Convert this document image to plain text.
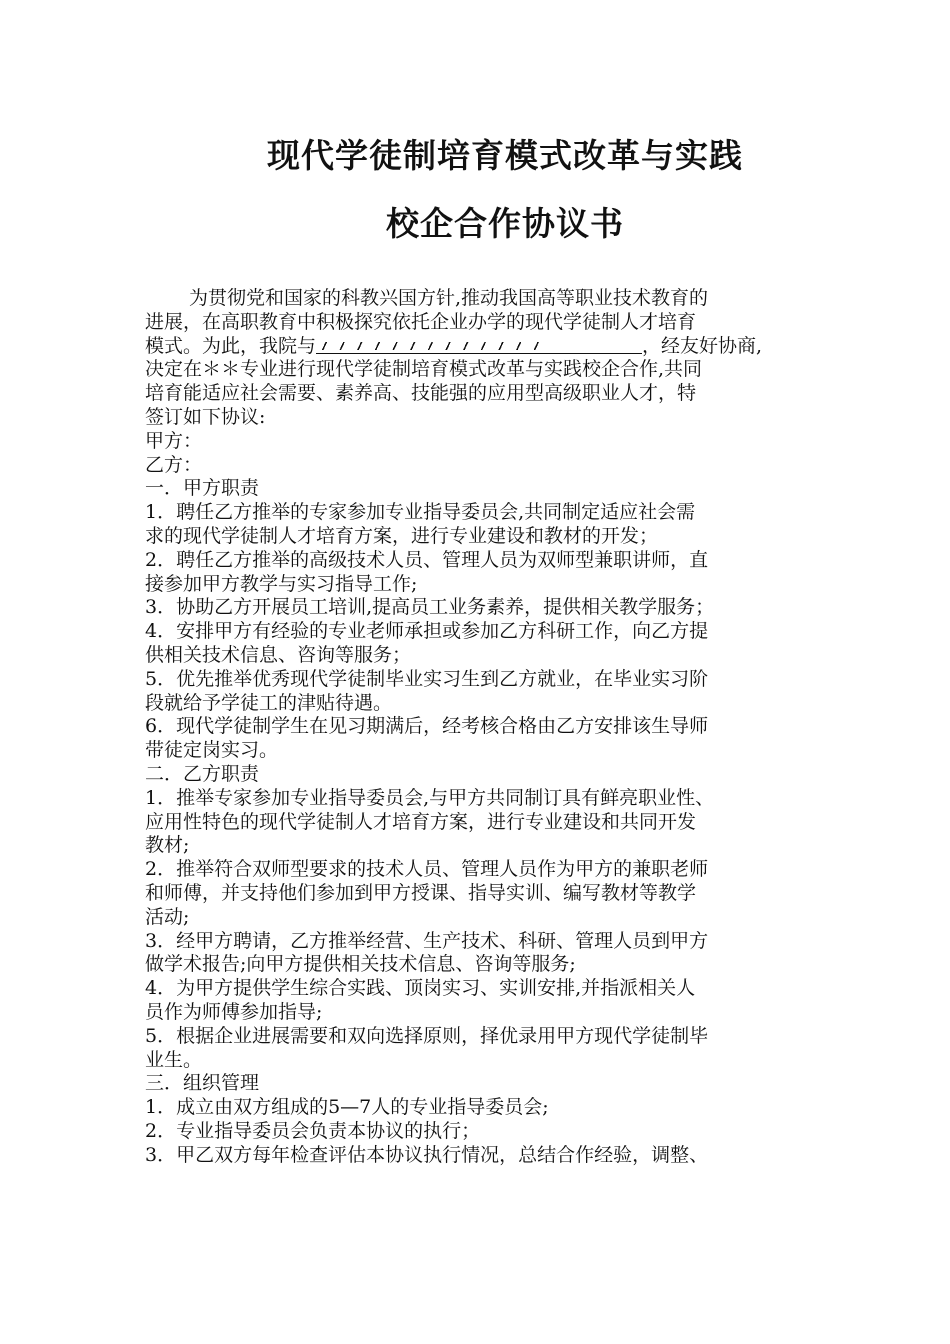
现代学徒制培育模式改革与实践
校企合作协议书
为贯彻党和国家的科教兴国方针,推动我国高等职业技术教育的
进展，在高职教育中积极探究依托企业办学的现代学徒制人才培育
模式。为此，我院与	，经友好协商,
决定在＊＊专业进行现代学徒制培育模式改革与实践校企合作,共同
培育能适应社会需要、素养高、技能强的应用型高级职业人才，特
签订如下协议:
甲方：
乙方：
一．甲方职责
1．聘任乙方推举的专家参加专业指导委员会,共同制定适应社会需
求的现代学徒制人才培育方案，进行专业建设和教材的开发；
2．聘任乙方推举的高级技术人员、管理人员为双师型兼职讲师，直
接参加甲方教学与实习指导工作;
3．协助乙方开展员工培训,提高员工业务素养，提供相关教学服务；
4．安排甲方有经验的专业老师承担或参加乙方科研工作，向乙方提
供相关技术信息、咨询等服务；
5．优先推举优秀现代学徒制毕业实习生到乙方就业，在毕业实习阶
段就给予学徒工的津贴待遇。
6．现代学徒制学生在见习期满后，经考核合格由乙方安排该生导师
带徒定岗实习。
二．乙方职责
1．推举专家参加专业指导委员会,与甲方共同制订具有鲜亮职业性、
应用性特色的现代学徒制人才培育方案，进行专业建设和共同开发
教材;
2．推举符合双师型要求的技术人员、管理人员作为甲方的兼职老师
和师傅，并支持他们参加到甲方授课、指导实训、编写教材等教学
活动;
3．经甲方聘请，乙方推举经营、生产技术、科研、管理人员到甲方
做学术报告;向甲方提供相关技术信息、咨询等服务;
4．为甲方提供学生综合实践、顶岗实习、实训安排,并指派相关人
员作为师傅参加指导;
5．根据企业进展需要和双向选择原则，择优录用甲方现代学徒制毕
业生。
三．组织管理
1．成立由双方组成的5—7人的专业指导委员会;
2．专业指导委员会负责本协议的执行；
3．甲乙双方每年检查评估本协议执行情况，总结合作经验，调整、
